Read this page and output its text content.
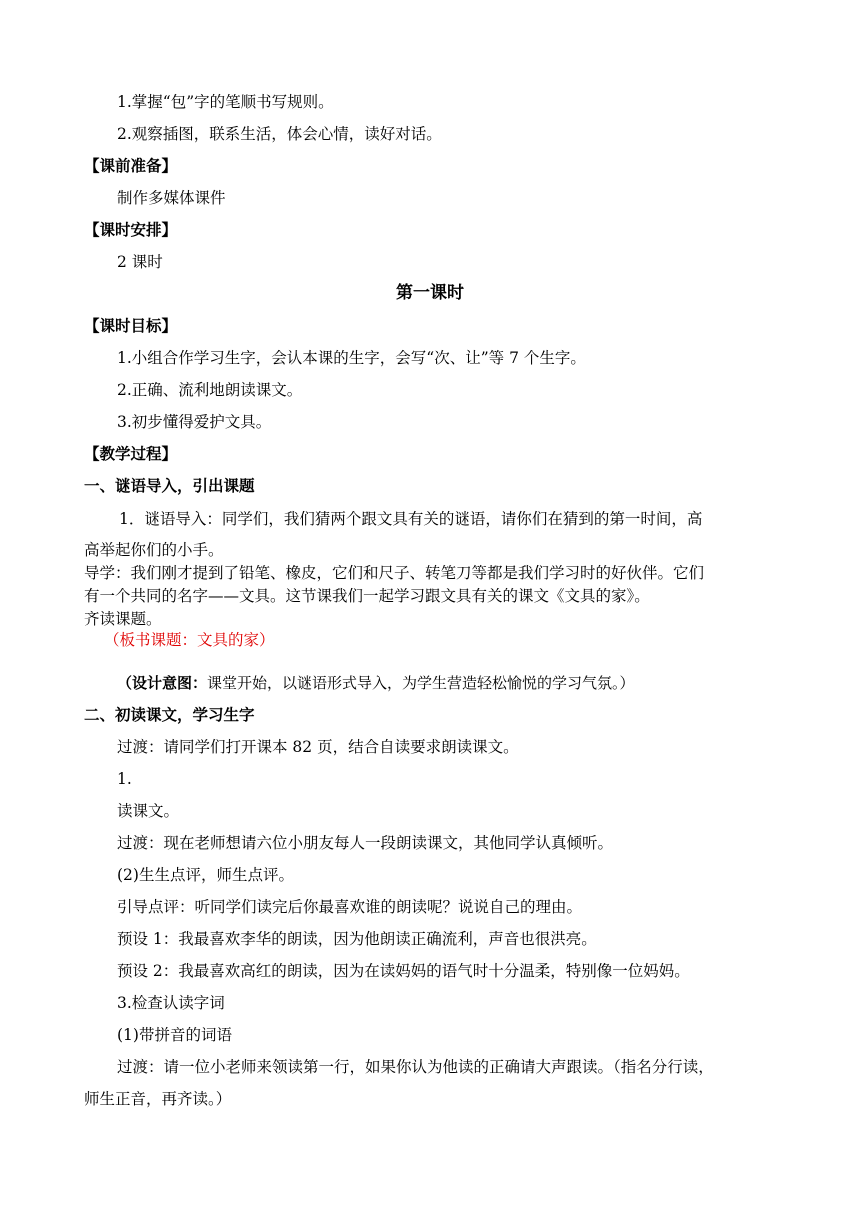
1.掌握“包”字的笔顺书写规则。
2.观察插图，联系生活，体会心情，读好对话。
【课前准备】
制作多媒体课件
【课时安排】
2 课时
第一课时
【课时目标】
1.小组合作学习生字，会认本课的生字，会写“次、让”等 7 个生字。
2.正确、流利地朗读课文。
3.初步懂得爱护文具。
【教学过程】
一、谜语导入，引出课题
1．谜语导入：同学们，我们猜两个跟文具有关的谜语，请你们在猜到的第一时间，高
高举起你们的小手。
导学：我们刚才提到了铅笔、橡皮，它们和尺子、转笔刀等都是我们学习时的好伙伴。它们
有一个共同的名字——文具。这节课我们一起学习跟文具有关的课文《文具的家》。
齐读课题。
（板书课题：文具的家）
（设计意图：课堂开始，以谜语形式导入，为学生营造轻松愉悦的学习气氛。）
二、初读课文，学习生字
过渡：请同学们打开课本 82 页，结合自读要求朗读课文。
1.
读课文。
过渡：现在老师想请六位小朋友每人一段朗读课文，其他同学认真倾听。
(2)生生点评，师生点评。
引导点评：听同学们读完后你最喜欢谁的朗读呢？说说自己的理由。
预设 1：我最喜欢李华的朗读，因为他朗读正确流利，声音也很洪亮。
预设 2：我最喜欢高红的朗读，因为在读妈妈的语气时十分温柔，特别像一位妈妈。
3.检查认读字词
(1)带拼音的词语
过渡：请一位小老师来领读第一行，如果你认为他读的正确请大声跟读。（指名分行读，
师生正音，再齐读。）
